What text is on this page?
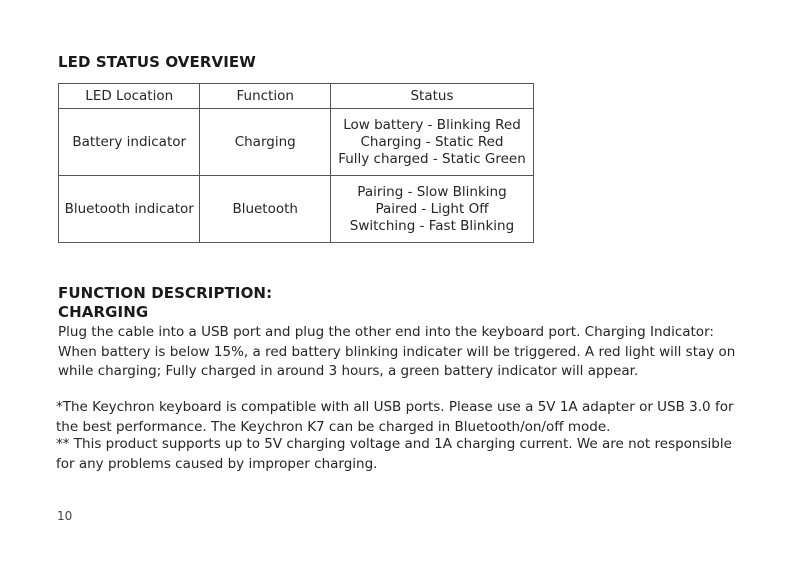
LED STATUS OVERVIEW
LED Location	Function	Status
Battery indicator	Charging	Low battery - Blinking Red
Charging - Static Red
Fully charged - Static Green

Bluetooth indicator	Bluetooth	Pairing - Slow Blinking
Paired - Light Off
Switching - Fast Blinking
FUNCTION DESCRIPTION:
CHARGING
Plug the cable into a USB port and plug the other end into the keyboard port. Charging Indicator: When battery is below 15%, a red battery blinking indicater will be triggered. A red light will stay on while charging; Fully charged in around 3 hours, a green battery indicator will appear.
*The Keychron keyboard is compatible with all USB ports. Please use a 5V 1A adapter or USB 3.0 for the best performance. The Keychron K7 can be charged in Bluetooth/on/off mode.
** This product supports up to 5V charging voltage and 1A charging current. We are not responsible for any problems caused by improper charging.
10
